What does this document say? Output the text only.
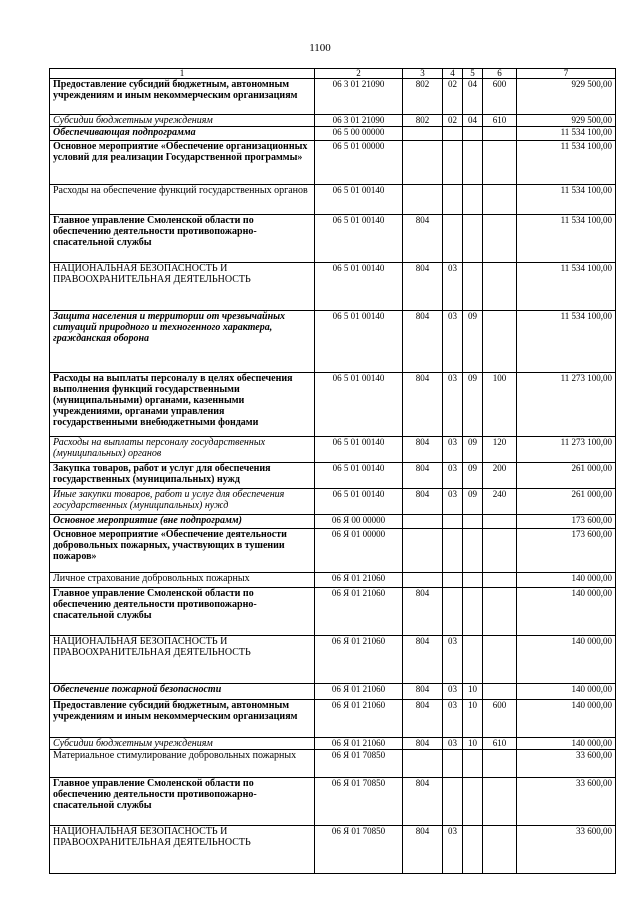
1100
1	2	3	4	5	6	7
Предоставление субсидий бюджетным, автономным учреждениям и иным некоммерческим организациям	06 3 01 21090	802	02	04	600	929 500,00
Субсидии бюджетным учреждениям	06 3 01 21090	802	02	04	610	929 500,00
Обеспечивающая подпрограмма	06 5 00 00000					11 534 100,00
Основное мероприятие «Обеспечение организационных условий для реализации Государственной программы»	06 5 01 00000					11 534 100,00
Расходы на обеспечение функций государственных органов	06 5 01 00140					11 534 100,00
Главное управление Смоленской области по обеспечению деятельности противопожарно-спасательной службы	06 5 01 00140	804				11 534 100,00
НАЦИОНАЛЬНАЯ БЕЗОПАСНОСТЬ И ПРАВООХРАНИТЕЛЬНАЯ ДЕЯТЕЛЬНОСТЬ	06 5 01 00140	804	03			11 534 100,00
Защита населения и территории от чрезвычайных ситуаций природного и техногенного характера, гражданская оборона	06 5 01 00140	804	03	09		11 534 100,00
Расходы на выплаты персоналу в целях обеспечения выполнения функций государственными (муниципальными) органами, казенными учреждениями, органами управления государственными внебюджетными фондами	06 5 01 00140	804	03	09	100	11 273 100,00
Расходы на выплаты персоналу государственных (муниципальных) органов	06 5 01 00140	804	03	09	120	11 273 100,00
Закупка товаров, работ и услуг для обеспечения государственных (муниципальных) нужд	06 5 01 00140	804	03	09	200	261 000,00
Иные закупки товаров, работ и услуг для обеспечения государственных (муниципальных) нужд	06 5 01 00140	804	03	09	240	261 000,00
Основное мероприятие (вне подпрограмм)	06 Я 00 00000					173 600,00
Основное мероприятие «Обеспечение деятельности добровольных пожарных, участвующих в тушении пожаров»	06 Я 01 00000					173 600,00
Личное страхование добровольных пожарных	06 Я 01 21060					140 000,00
Главное управление Смоленской области по обеспечению деятельности противопожарно-спасательной службы	06 Я 01 21060	804				140 000,00
НАЦИОНАЛЬНАЯ БЕЗОПАСНОСТЬ И ПРАВООХРАНИТЕЛЬНАЯ ДЕЯТЕЛЬНОСТЬ	06 Я 01 21060	804	03			140 000,00
Обеспечение пожарной безопасности	06 Я 01 21060	804	03	10		140 000,00
Предоставление субсидий бюджетным, автономным учреждениям и иным некоммерческим организациям	06 Я 01 21060	804	03	10	600	140 000,00
Субсидии бюджетным учреждениям	06 Я 01 21060	804	03	10	610	140 000,00
Материальное стимулирование добровольных пожарных	06 Я 01 70850					33 600,00
Главное управление Смоленской области по обеспечению деятельности противопожарно-спасательной службы	06 Я 01 70850	804				33 600,00
НАЦИОНАЛЬНАЯ БЕЗОПАСНОСТЬ И ПРАВООХРАНИТЕЛЬНАЯ ДЕЯТЕЛЬНОСТЬ	06 Я 01 70850	804	03			33 600,00
